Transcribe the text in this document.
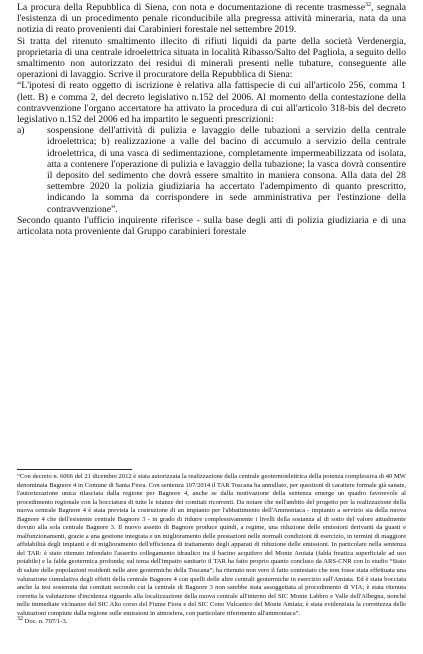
La procura della Repubblica di Siena, con nota e documentazione di recente trasmesse$^{32}$, segnala l'esistenza di un procedimento penale riconducibile alla pregressa attività mineraria, nata da una notizia di reato provenienti dai Carabinieri forestale nel settembre 2019.

Si tratta del ritenuto smaltimento illecito di rifiuti liquidi da parte della società Verdenergia, proprietaria di una centrale idroelettrica situata in località Ribasso/Salto del Pagliola, a seguito dello smaltimento non autorizzato dei residui di minerali presenti nelle tubature, conseguente alle operazioni di lavaggio. Scrive il procuratore della Repubblica di Siena:

“L'ipotesi di reato oggetto di iscrizione è relativa alla fattispecie di cui all'articolo 256, comma 1 (lett. B) e comma 2, del decreto legislativo n.152 del 2006. Al momento della contestazione della contravvenzione l'organo accertatore ha attivato la procedura di cui all'articolo 318-bis del decreto legislativo n.152 del 2006 ed ha impartito le seguenti prescrizioni:

a)	sospensione dell'attività di pulizia e lavaggio delle tubazioni a servizio della centrale idroelettrica; b) realizzazione a valle del bacino di accumulo a servizio della centrale idroelettrica, di una vasca di sedimentazione, completamente impermeabilizzata od isolata, atta a contenere l'operazione di pulizia e lavaggio della tubazione; la vasca dovrà consentire il deposito del sedimento che dovrà essere smaltito in maniera consona. Alla data del 28 settembre 2020 la polizia giudiziaria ha accertato l'adempimento di quanto prescritto, indicando la somma da corrispondere in sede amministrativa per l'estinzione della contravvenzione”.

Secondo quanto l'ufficio inquirente riferisce - sulla base degli atti di polizia giudiziaria e di una articolata nota proveniente dal Gruppo carabinieri forestale

“Con decreto n. 6066 del 21 dicembre 2012 è stata autorizzata la realizzazione della centrale geotermoelettrica della potenza complessiva di 40 MW denominata Bagnore 4 in Comune di Santa Fiora. Con sentenza 107/2014 il TAR Toscana ha annullato, per questioni di carattere formale già sanate, l'autorizzazione unica rilasciata dalla regione per Bagnore 4, anche se dalla motivazione della sentenza emerge un quadro favorevole al procedimento regionale con la bocciatura di tutte le istanze dei comitati ricorrenti. Da notare che nell'ambito del progetto per la realizzazione della nuova centrale Bagnore 4 è stata prevista la costruzione di un impianto per l'abbattimento dell'Ammoniaca - impianto a servizio sia della nuova Bagnore 4 che dell'esistente centrale Bagnore 3 - in grado di ridurre complessivamente i livelli della sostanza al di sotto del valore attualmente dovuto alla sola centrale Bagnore 3. Il nuovo assetto di Bagnore produce quindi, a regime, una riduzione delle emissioni derivanti da guasti e malfunzionamenti, grazie a una gestione integrata e un miglioramento delle prestazioni nelle normali condizioni di esercizio, in termini di maggiore affidabilità degli impianti e di miglioramento dell'efficienza di trattamento degli apparati di riduzione delle emissioni. In particolare nella sentenza del TAR: è stato ritenuto infondato l'asserito collegamento idraulico tra il bacino acquifero del Monte Amiata (falda freatica superficiale ad uso potabile) e la falda geotermica profonda; sul tema dell'impatto sanitario il TAR ha fatto proprio quanto concluso da ARS-CNR con lo studio “Stato di salute delle popolazioni residenti nelle aree geotermiche della Toscana”; ha ritenuto non vero il fatto contestato che non fosse stata effettuata una valutazione cumulativa degli effetti della centrale Bagnore 4 con quelli delle altre centrali geotermiche in esercizio sull'Amiata. Ed è stata bocciata anche la tesi sostenuta dai comitati secondo cui la centrale di Bagnore 3 non sarebbe stata assoggettata al procedimento di VIA; è stata ritenuta corretta la valutazione d'incidenza riguardo alla localizzazione della nuova centrale all'interno del SIC Monte Labbro e Valle dell'Albegna, nonché nelle immediate vicinanze del SIC Alto corso del Fiume Fiora e del SIC Cono Vulcanico del Monte Amiata; è stata evidenziata la correttezza delle valutazioni compiute dalla regione sulle emissioni in atmosfera, con particolare riferimento all'ammoniaca”.

32 Doc. n. 707/1-3.
